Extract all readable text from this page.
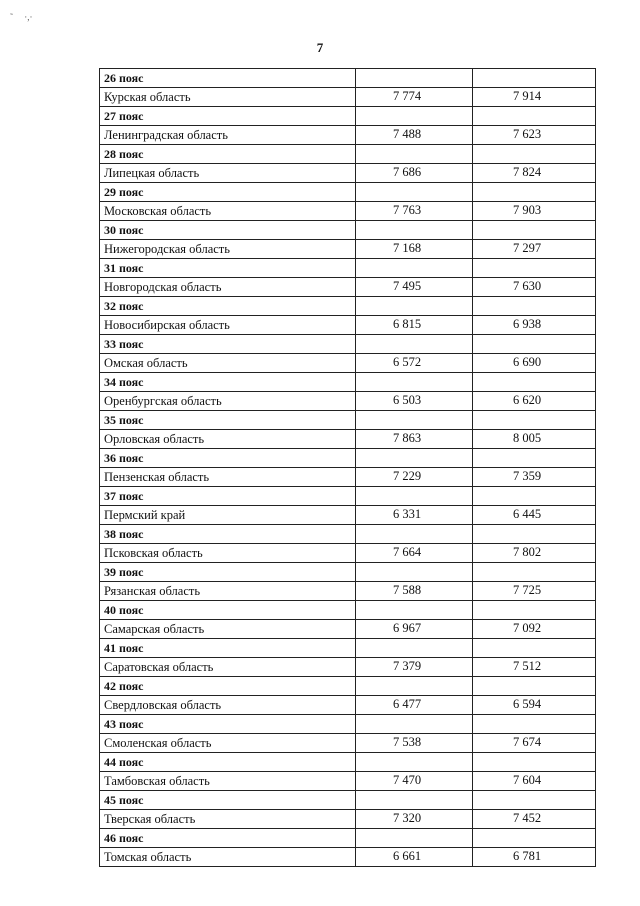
˜     ·,·
7
26 пояс		
Курская область	7 774	7 914
27 пояс		
Ленинградская область	7 488	7 623
28 пояс		
Липецкая область	7 686	7 824
29 пояс		
Московская область	7 763	7 903
30 пояс		
Нижегородская область	7 168	7 297
31 пояс		
Новгородская область	7 495	7 630
32 пояс		
Новосибирская область	6 815	6 938
33 пояс		
Омская область	6 572	6 690
34 пояс		
Оренбургская область	6 503	6 620
35 пояс		
Орловская область	7 863	8 005
36 пояс		
Пензенская область	7 229	7 359
37 пояс		
Пермский край	6 331	6 445
38 пояс		
Псковская область	7 664	7 802
39 пояс		
Рязанская область	7 588	7 725
40 пояс		
Самарская область	6 967	7 092
41 пояс		
Саратовская область	7 379	7 512
42 пояс		
Свердловская область	6 477	6 594
43 пояс		
Смоленская область	7 538	7 674
44 пояс		
Тамбовская область	7 470	7 604
45 пояс		
Тверская область	7 320	7 452
46 пояс		
Томская область	6 661	6 781
